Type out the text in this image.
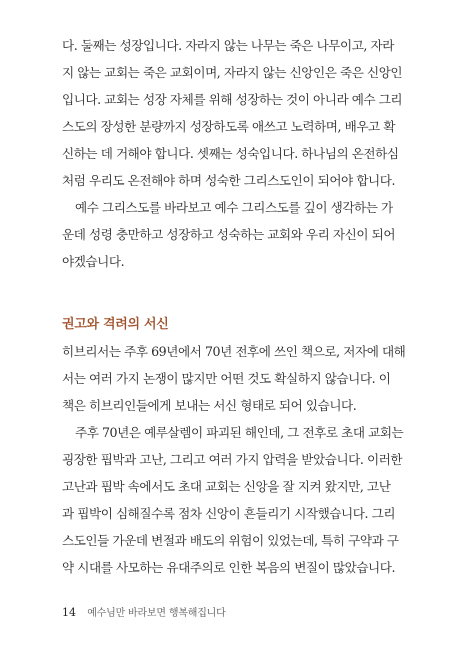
다. 둘째는 성장입니다. 자라지 않는 나무는 죽은 나무이고, 자라
지 않는 교회는 죽은 교회이며, 자라지 않는 신앙인은 죽은 신앙인
입니다. 교회는 성장 자체를 위해 성장하는 것이 아니라 예수 그리
스도의 장성한 분량까지 성장하도록 애쓰고 노력하며, 배우고 확
신하는 데 거해야 합니다. 셋째는 성숙입니다. 하나님의 온전하심
처럼 우리도 온전해야 하며 성숙한 그리스도인이 되어야 합니다.
예수 그리스도를 바라보고 예수 그리스도를 깊이 생각하는 가
운데 성령 충만하고 성장하고 성숙하는 교회와 우리 자신이 되어
야겠습니다.
권고와 격려의 서신
히브리서는 주후 69년에서 70년 전후에 쓰인 책으로, 저자에 대해
서는 여러 가지 논쟁이 많지만 어떤 것도 확실하지 않습니다. 이
책은 히브리인들에게 보내는 서신 형태로 되어 있습니다.
주후 70년은 예루살렘이 파괴된 해인데, 그 전후로 초대 교회는
굉장한 핍박과 고난, 그리고 여러 가지 압력을 받았습니다. 이러한
고난과 핍박 속에서도 초대 교회는 신앙을 잘 지켜 왔지만, 고난
과 핍박이 심해질수록 점차 신앙이 흔들리기 시작했습니다. 그리
스도인들 가운데 변절과 배도의 위험이 있었는데, 특히 구약과 구
약 시대를 사모하는 유대주의로 인한 복음의 변질이 많았습니다.
14 예수님만 바라보면 행복해집니다
